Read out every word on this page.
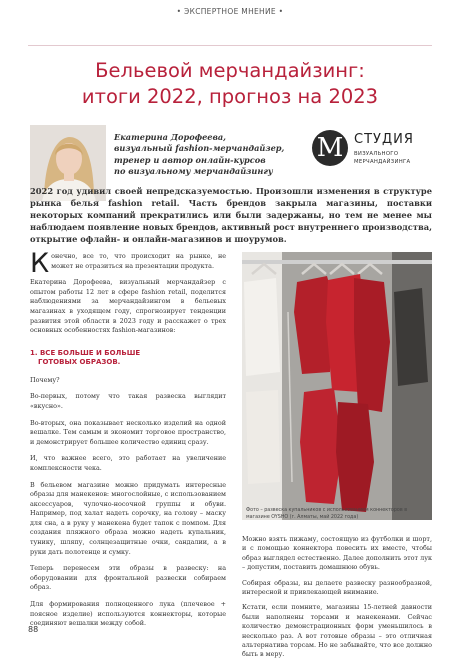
• ЭКСПЕРТНОЕ МНЕНИЕ •
Бельевой мерчандайзинг:
итоги 2022, прогноз на 2023
Екатерина Дорофеева,
визуальный fashion-мерчандайзер,
тренер и автор онлайн-курсов
по визуальному мерчандайзингу
M СТУДИЯ
ВИЗУАЛЬНОГО
МЕРЧАНДАЙЗИНГА
2022 год удивил своей непредсказуемостью. Произошли изменения в структуре рынка белья fashion retail. Часть брендов закрыла магазины, поставки некоторых компаний прекратились или были задержаны, но тем не менее мы наблюдаем появление новых брендов, активный рост внутреннего производства, открытие офлайн- и онлайн-магазинов и шоурумов.

Конечно, все то, что происходит на рынке, не может не отразиться на презентации продукта.

Екатерина Дорофеева, визуальный мерчандайзер с опытом работы 12 лет в сфере fashion retail, поделится наблюдениями за мерчандайзингом в бельевых магазинах в уходящем году, спрогнозирует тенденции развития этой области в 2023 году и расскажет о трех основных особенностях fashion-магазинов:

1. ВСЕ БОЛЬШЕ И БОЛЬШЕ
ГОТОВЫХ ОБРАЗОВ.

Почему?

Во-первых, потому что такая развеска выглядит «вкусно».

Во-вторых, она показывает несколько изделий на одной вешалке. Тем самым и экономит торговое пространство, и демонстрирует большее количество единиц сразу.

И, что важнее всего, это работает на увеличение комплексности чека.

В бельевом магазине можно придумать интересные образы для манекенов: многослойные, с использованием аксессуаров, чулочно-носочной группы и обуви. Например, под халат надеть сорочку, на голову – маску для сна, а в руку у манекена будет тапок с помпом. Для создания пляжного образа можно надеть купальник, тунику, шляпу, солнцезащитные очки, сандалии, а в руки дать полотенце и сумку.

Теперь перенесем эти образы в развеску: на оборудовании для фронтальной развески собираем образ.

Для формирования полноценного лука (плечевое + поясное изделие) используются коннекторы, которые соединяют вешалки между собой.

Фото – развеска купальников с использованием коннекторов в магазине OYSHO (г. Алматы, май 2022 года)

Можно взять пижаму, состоящую из футболки и шорт, и с помощью коннектора повесить их вместе, чтобы образ выглядел естественно. Далее дополнить этот лук – допустим, поставить домашнюю обувь.

Собирая образы, вы делаете развеску разнообразной, интересной и привлекающей внимание.

Кстати, если помните, магазины 15-летней давности были наполнены торсами и манекенами. Сейчас количество демонстрационных форм уменьшилось в несколько раз. А вот готовые образы – это отличная альтернатива торсам. Но не забывайте, что все должно быть в меру.

88
